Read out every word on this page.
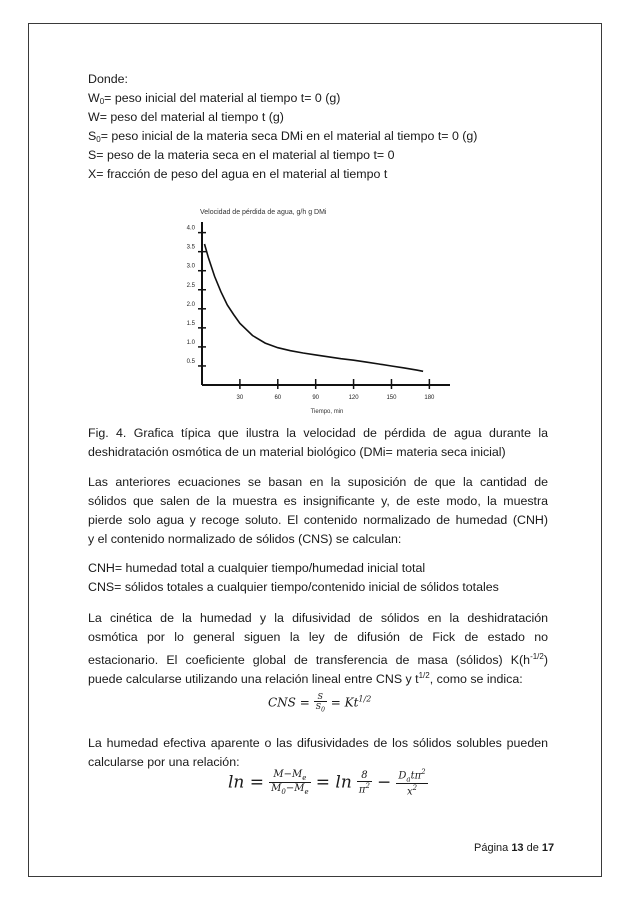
Donde:
W0= peso inicial del material al tiempo t= 0 (g)
W= peso del material al tiempo t (g)
S0= peso inicial de la materia seca DMi en el material al tiempo t= 0 (g)
S= peso de la materia seca en el material al tiempo t= 0
X= fracción de peso del agua en el material al tiempo t
Velocidad de pérdida de agua, g/h g DMi
0.5
1.0
1.5
2.0
2.5
3.0
3.5
4.0
30	60	90	120	150	180
Tiempo, min
Fig. 4. Grafica típica que ilustra la velocidad de pérdida de agua durante la
deshidratación osmótica de un material biológico (DMi= materia seca inicial)
Las anteriores ecuaciones se basan en la suposición de que la cantidad de
sólidos que salen de la muestra es insignificante y, de este modo, la muestra
pierde solo agua y recoge soluto. El contenido normalizado de humedad (CNH)
y el contenido normalizado de sólidos (CNS) se calculan:
CNH= humedad total a cualquier tiempo/humedad inicial total
CNS= sólidos totales a cualquier tiempo/contenido inicial de sólidos totales
La cinética de la humedad y la difusividad de sólidos en la deshidratación
osmótica por lo general siguen la ley de difusión de Fick de estado no
estacionario. El coeficiente global de transferencia de masa (sólidos) $K(h^{-1/2})$
puede calcularse utilizando una relación lineal entre CNS y $t^{1/2}$, como se indica:
CNS = $\frac{S}{S_0} = Kt^{1/2}$
La humedad efectiva aparente o las difusividades de los sólidos solubles pueden
calcularse por una relación:
$\ln = \frac{M-M_e}{M_0-M_e} = \ln \frac{8}{\pi^2} - \frac{D_at\pi^2}{x^2}$
Página 13 de 17
